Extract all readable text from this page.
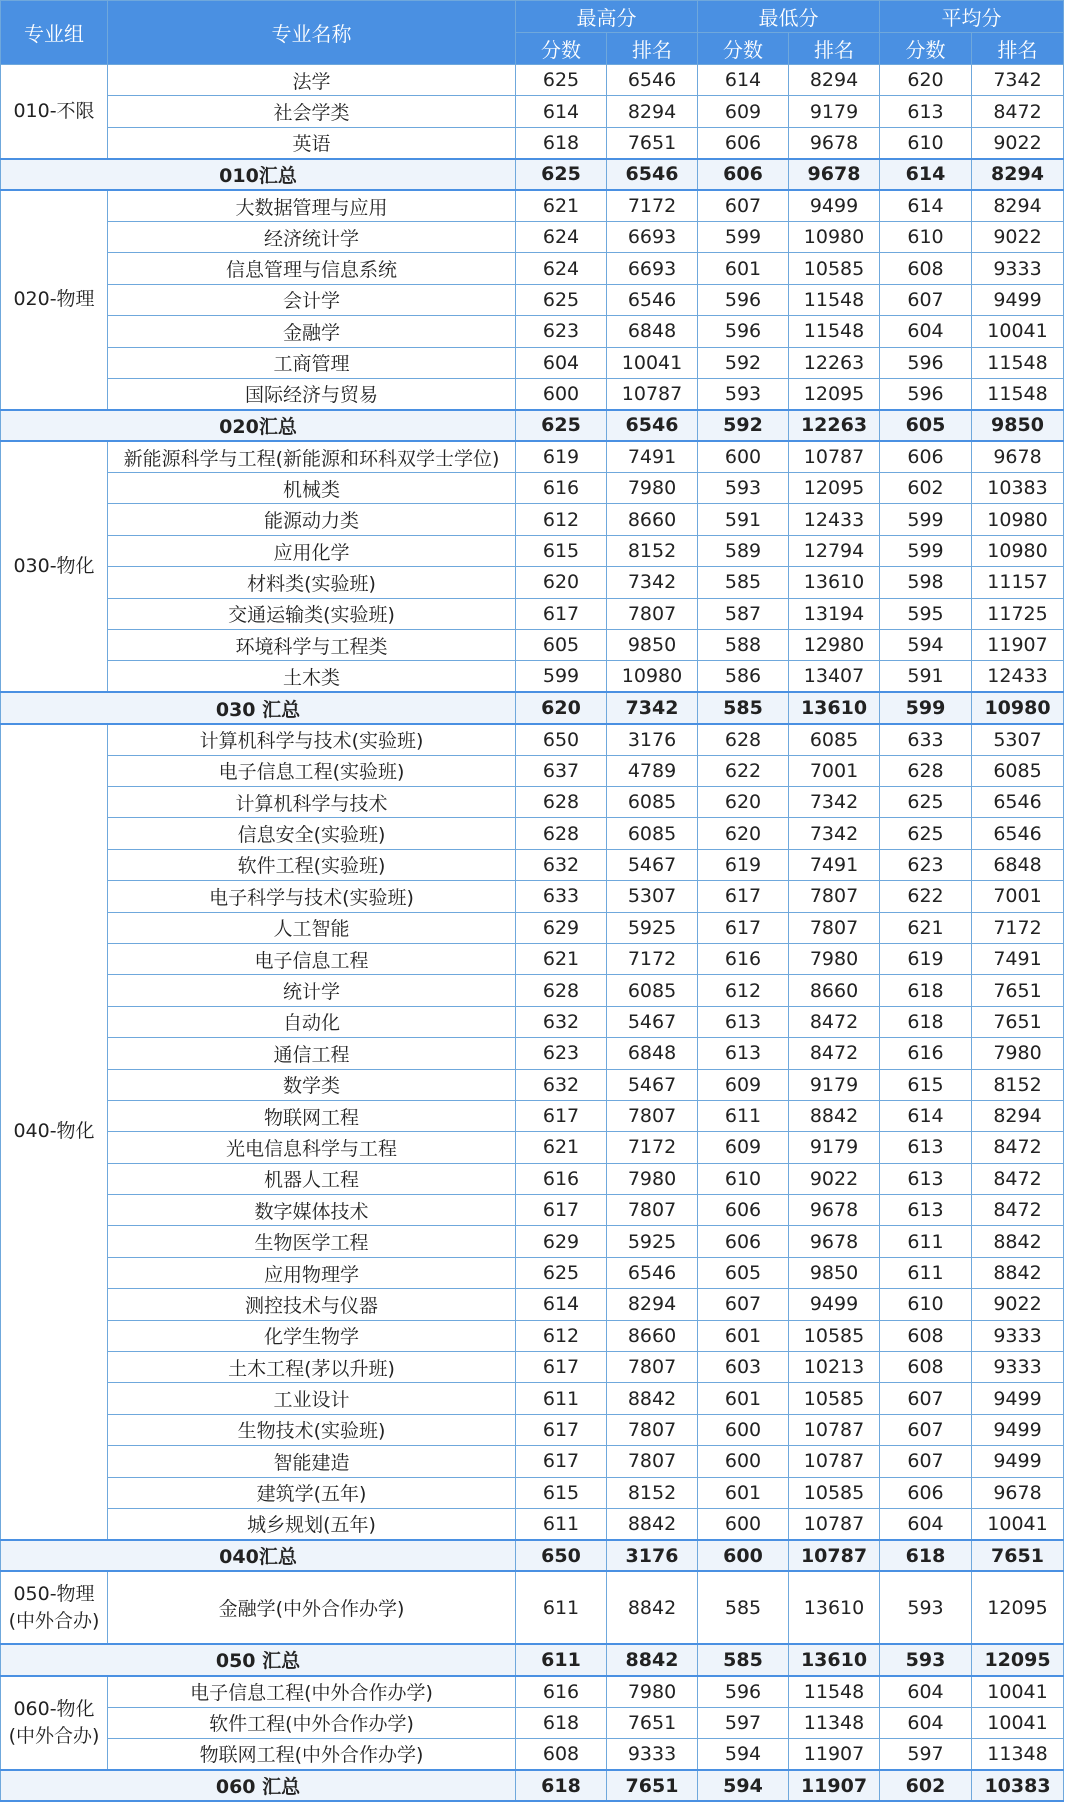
专业组	专业名称	最高分		最低分		平均分	
		分数	排名	分数	排名	分数	排名
010-不限	法学	625	6546	614	8294	620	7342
	社会学类	614	8294	609	9179	613	8472
	英语	618	7651	606	9678	610	9022
010汇总		625	6546	606	9678	614	8294
020-物理	大数据管理与应用	621	7172	607	9499	614	8294
	经济统计学	624	6693	599	10980	610	9022
	信息管理与信息系统	624	6693	601	10585	608	9333
	会计学	625	6546	596	11548	607	9499
	金融学	623	6848	596	11548	604	10041
	工商管理	604	10041	592	12263	596	11548
	国际经济与贸易	600	10787	593	12095	596	11548
020汇总		625	6546	592	12263	605	9850
030-物化	新能源科学与工程(新能源和环科双学士学位)	619	7491	600	10787	606	9678
	机械类	616	7980	593	12095	602	10383
	能源动力类	612	8660	591	12433	599	10980
	应用化学	615	8152	589	12794	599	10980
	材料类(实验班)	620	7342	585	13610	598	11157
	交通运输类(实验班)	617	7807	587	13194	595	11725
	环境科学与工程类	605	9850	588	12980	594	11907
	土木类	599	10980	586	13407	591	12433
030 汇总		620	7342	585	13610	599	10980
040-物化	计算机科学与技术(实验班)	650	3176	628	6085	633	5307
	电子信息工程(实验班)	637	4789	622	7001	628	6085
	计算机科学与技术	628	6085	620	7342	625	6546
	信息安全(实验班)	628	6085	620	7342	625	6546
	软件工程(实验班)	632	5467	619	7491	623	6848
	电子科学与技术(实验班)	633	5307	617	7807	622	7001
	人工智能	629	5925	617	7807	621	7172
	电子信息工程	621	7172	616	7980	619	7491
	统计学	628	6085	612	8660	618	7651
	自动化	632	5467	613	8472	618	7651
	通信工程	623	6848	613	8472	616	7980
	数学类	632	5467	609	9179	615	8152
	物联网工程	617	7807	611	8842	614	8294
	光电信息科学与工程	621	7172	609	9179	613	8472
	机器人工程	616	7980	610	9022	613	8472
	数字媒体技术	617	7807	606	9678	613	8472
	生物医学工程	629	5925	606	9678	611	8842
	应用物理学	625	6546	605	9850	611	8842
	测控技术与仪器	614	8294	607	9499	610	9022
	化学生物学	612	8660	601	10585	608	9333
	土木工程(茅以升班)	617	7807	603	10213	608	9333
	工业设计	611	8842	601	10585	607	9499
	生物技术(实验班)	617	7807	600	10787	607	9499
	智能建造	617	7807	600	10787	607	9499
	建筑学(五年)	615	8152	601	10585	606	9678
	城乡规划(五年)	611	8842	600	10787	604	10041
040汇总		650	3176	600	10787	618	7651
050-物理
(中外合办)	金融学(中外合作办学)	611	8842	585	13610	593	12095
050 汇总		611	8842	585	13610	593	12095
060-物化
(中外合办)	电子信息工程(中外合作办学)	616	7980	596	11548	604	10041
	软件工程(中外合作办学)	618	7651	597	11348	604	10041
	物联网工程(中外合作办学)	608	9333	594	11907	597	11348
060 汇总		618	7651	594	11907	602	10383
